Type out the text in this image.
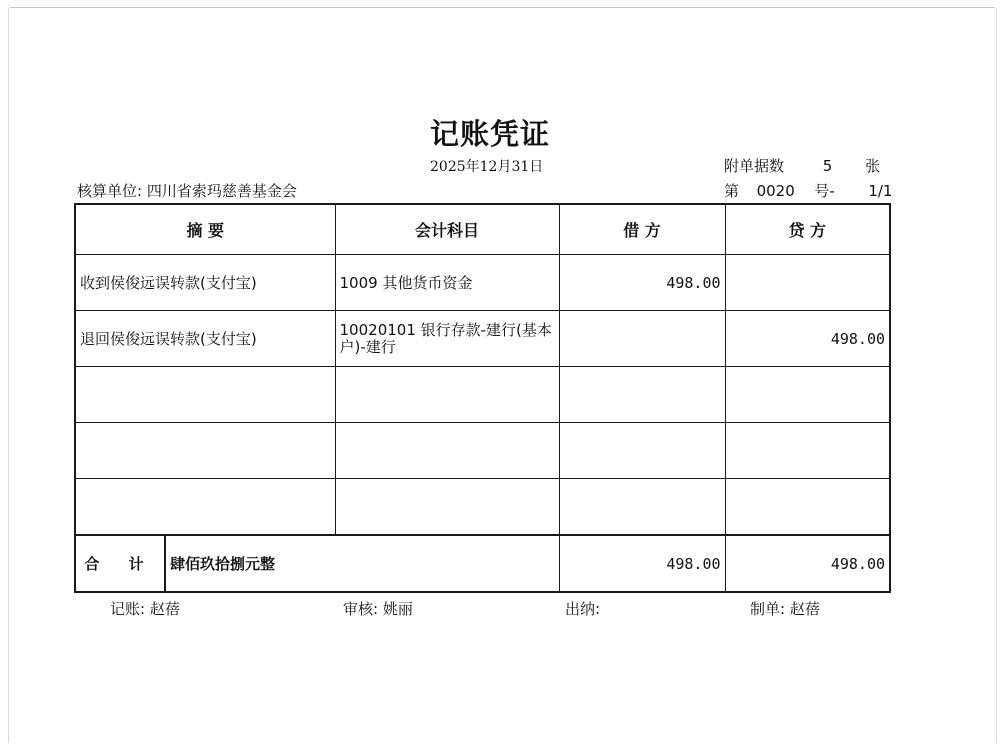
记账凭证
2025年12月31日	附单据数	5 张
核算单位: 四川省索玛慈善基金会	第 0020 号- 1/1
摘 要		会计科目	借 方	贷 方
收到侯俊远误转款(支付宝)		1009 其他货币资金	498.00	
退回侯俊远误转款(支付宝)		10020101 银行存款-建行(基本户)-建行		498.00

合 计	肆佰玖拾捌元整		498.00	498.00
记账: 赵蓓	审核: 姚丽	出纳:	制单: 赵蓓
